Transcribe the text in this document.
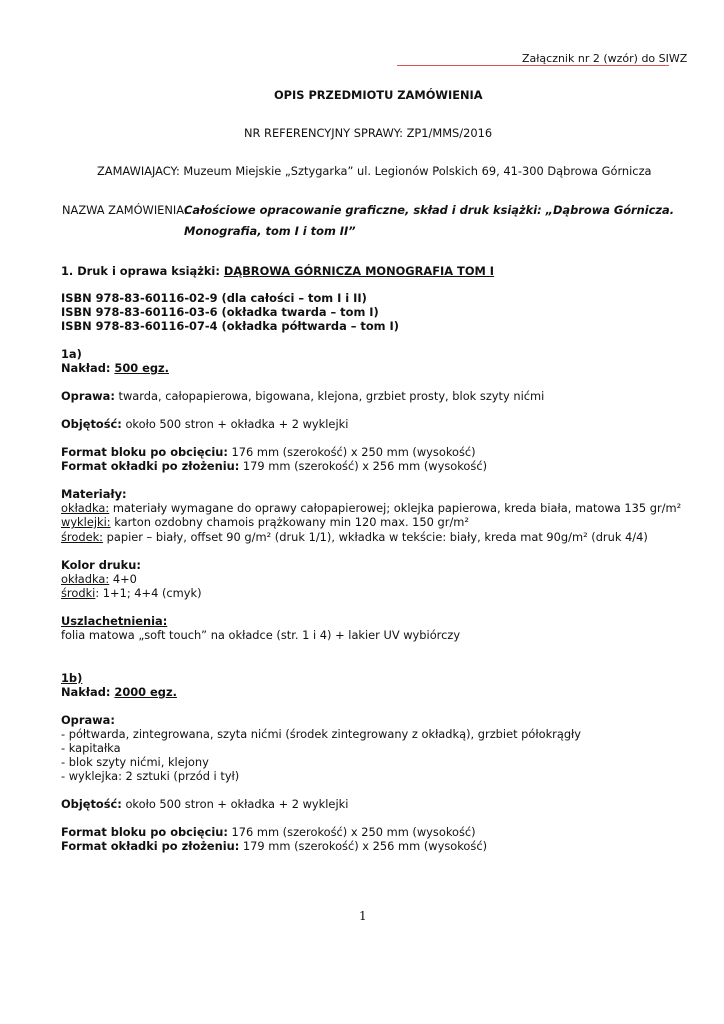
Załącznik nr 2 (wzór) do SIWZ
OPIS PRZEDMIOTU ZAMÓWIENIA
NR REFERENCYJNY SPRAWY: ZP1/MMS/2016
ZAMAWIAJACY: Muzeum Miejskie „Sztygarka” ul. Legionów Polskich 69, 41-300 Dąbrowa Górnicza
NAZWA ZAMÓWIENIA:
Całościowe opracowanie graficzne, skład i druk książki: „Dąbrowa Górnicza.
Monografia, tom I i tom II”
1. Druk i oprawa książki: DĄBROWA GÓRNICZA MONOGRAFIA TOM I
ISBN 978-83-60116-02-9 (dla całości – tom I i II)
ISBN 978-83-60116-03-6 (okładka twarda – tom I)
ISBN 978-83-60116-07-4 (okładka półtwarda – tom I)
1a)
Nakład: 500 egz.
Oprawa: twarda, całopapierowa, bigowana, klejona, grzbiet prosty, blok szyty nićmi
Objętość: około 500 stron + okładka + 2 wyklejki
Format bloku po obcięciu: 176 mm (szerokość) x 250 mm (wysokość)
Format okładki po złożeniu: 179 mm (szerokość) x 256 mm (wysokość)
Materiały:
okładka: materiały wymagane do oprawy całopapierowej; oklejka papierowa, kreda biała, matowa 135 gr/m²
wyklejki: karton ozdobny chamois prążkowany min 120 max. 150 gr/m²
środek: papier – biały, offset 90 g/m² (druk 1/1), wkładka w tekście: biały, kreda mat 90g/m² (druk 4/4)
Kolor druku:
okładka: 4+0
środki: 1+1; 4+4 (cmyk)
Uszlachetnienia:
folia matowa „soft touch” na okładce (str. 1 i 4) + lakier UV wybiórczy
1b)
Nakład: 2000 egz.
Oprawa:
- półtwarda, zintegrowana, szyta nićmi (środek zintegrowany z okładką), grzbiet półokrągły
- kapitałka
- blok szyty nićmi, klejony
- wyklejka: 2 sztuki (przód i tył)
Objętość: około 500 stron + okładka + 2 wyklejki
Format bloku po obcięciu: 176 mm (szerokość) x 250 mm (wysokość)
Format okładki po złożeniu: 179 mm (szerokość) x 256 mm (wysokość)
1
